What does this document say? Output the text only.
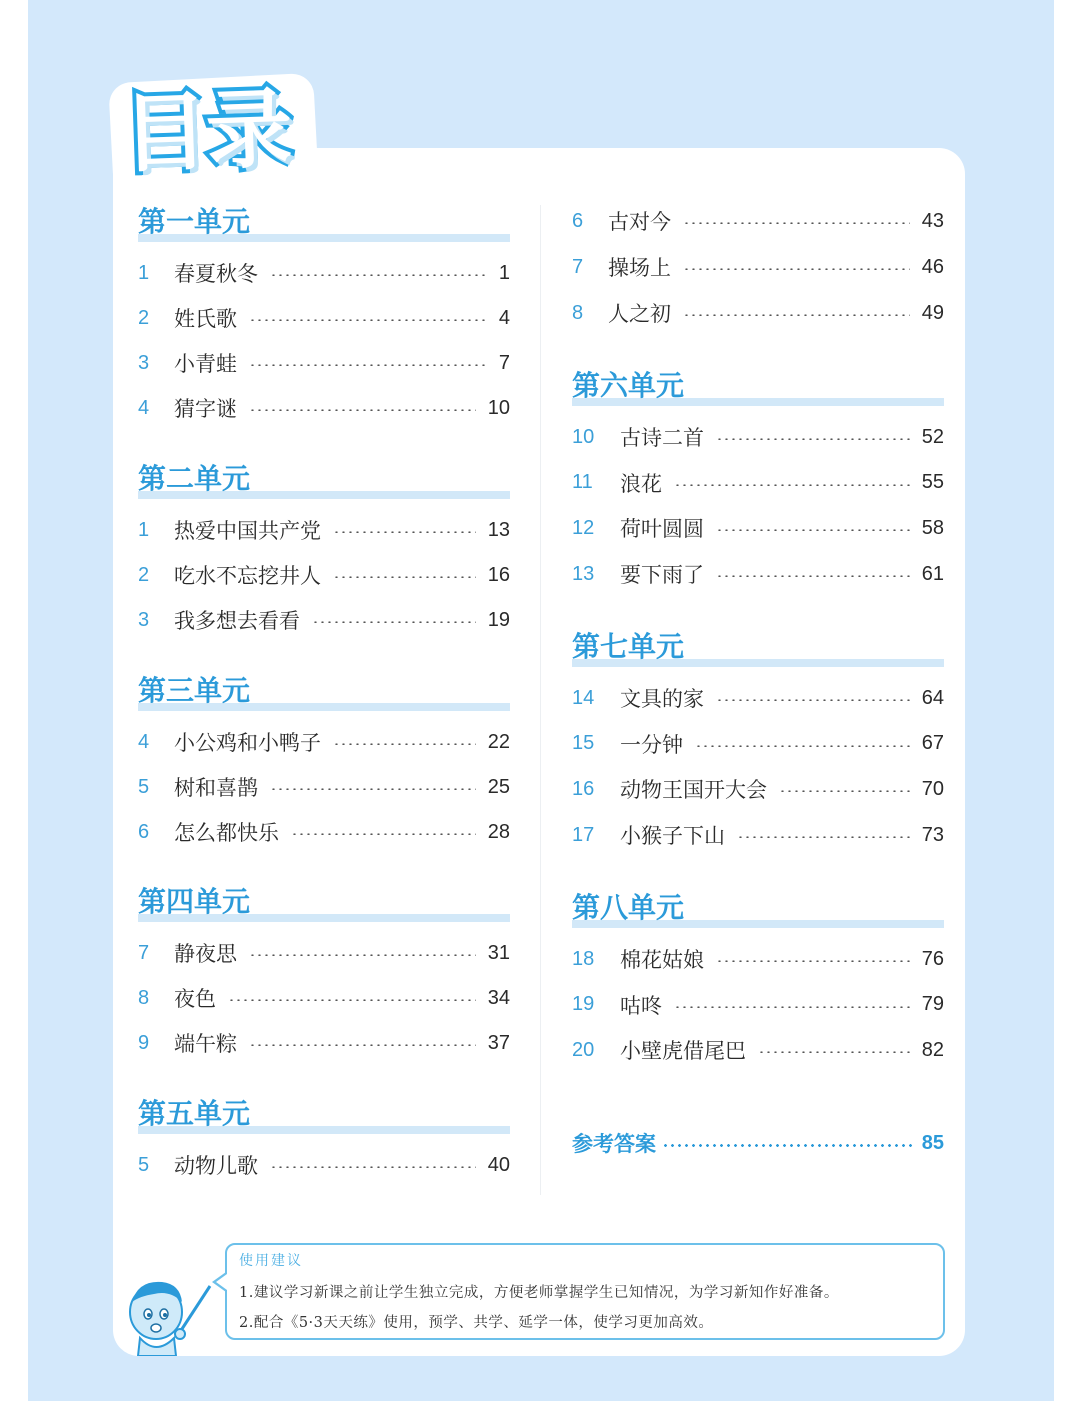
目录
第一单元
1	春夏秋冬	1
2	姓氏歌	4
3	小青蛙	7
4	猜字谜	10
第二单元
1	热爱中国共产党	13
2	吃水不忘挖井人	16
3	我多想去看看	19
第三单元
4	小公鸡和小鸭子	22
5	树和喜鹊	25
6	怎么都快乐	28
第四单元
7	静夜思	31
8	夜色	34
9	端午粽	37
第五单元
5	动物儿歌	40
6	古对今	43
7	操场上	46
8	人之初	49
第六单元
10	古诗二首	52
11	浪花	55
12	荷叶圆圆	58
13	要下雨了	61
第七单元
14	文具的家	64
15	一分钟	67
16	动物王国开大会	70
17	小猴子下山	73
第八单元
18	棉花姑娘	76
19	咕咚	79
20	小壁虎借尾巴	82
参考答案	85
使用建议
1.建议学习新课之前让学生独立完成，方便老师掌握学生已知情况，为学习新知作好准备。
2.配合《5·3天天练》使用，预学、共学、延学一体，使学习更加高效。
